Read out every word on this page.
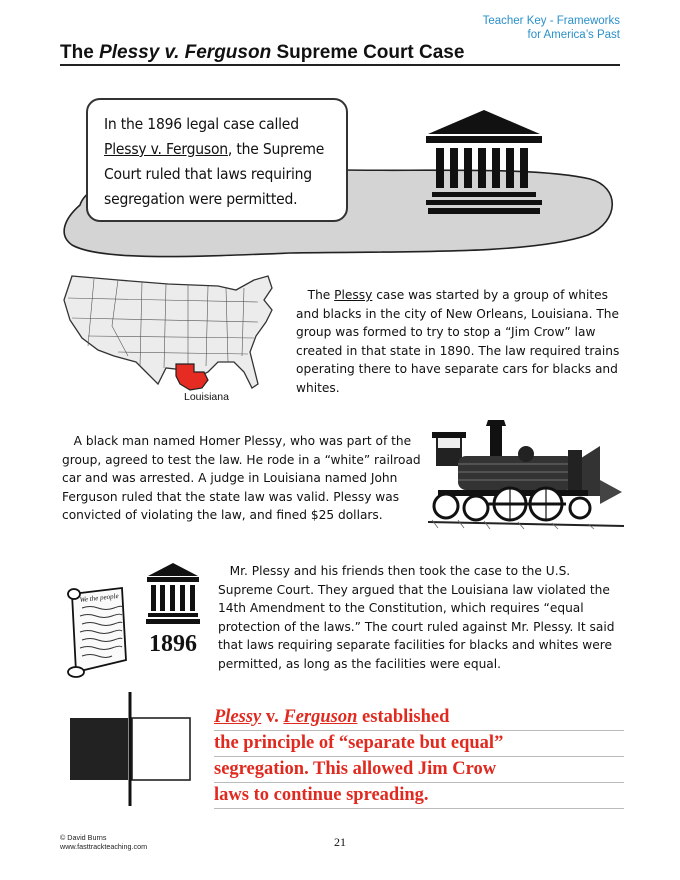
Teacher Key - Frameworks
for America’s Past
The Plessy v. Ferguson Supreme Court Case

In the 1896 legal case called

Plessy v. Ferguson, the Supreme

Court ruled that laws requiring

segregation were permitted.

Louisiana
The Plessy case was started by a group of whites and blacks in the city of New Orleans, Louisiana. The group was formed to try to stop a “Jim Crow” law created in that state in 1890. The law required trains operating there to have separate cars for blacks and whites.
A black man named Homer Plessy, who was part of the group, agreed to test the law. He rode in a “white” railroad car and was arrested. A judge in Louisiana named John Ferguson ruled that the state law was valid. Plessy was convicted of violating the law, and fined $25 dollars.
We the people
1896
Mr. Plessy and his friends then took the case to the U.S. Supreme Court. They argued that the Louisiana law violated the 14th Amendment to the Constitution, which requires “equal protection of the laws.” The court ruled against Mr. Plessy. It said that laws requiring separate facilities for blacks and whites were permitted, as long as the facilities were equal.
Plessy v. Ferguson established
the principle of “separate but equal”
segregation. This allowed Jim Crow
laws to continue spreading.
© David Burns
www.fasttrackteaching.com	21
